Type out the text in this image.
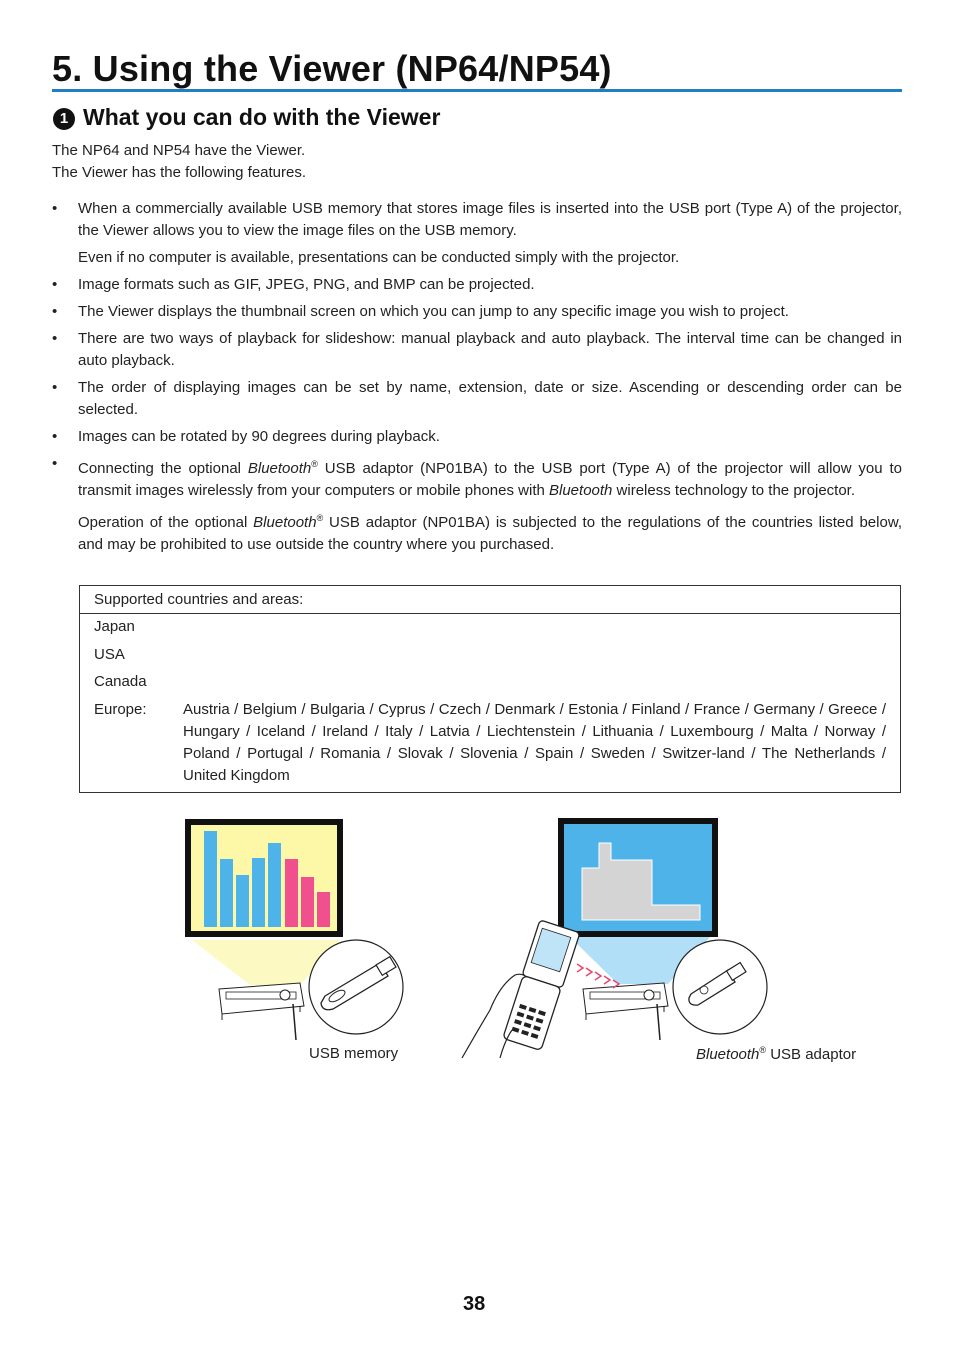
5. Using the Viewer (NP64/NP54)
1 What you can do with the Viewer

The NP64 and NP54 have the Viewer.

The Viewer has the following features.

• When a commercially available USB memory that stores image files is inserted into the USB port (Type A) of the projector, the Viewer allows you to view the image files on the USB memory.

Even if no computer is available, presentations can be conducted simply with the projector.

• Image formats such as GIF, JPEG, PNG, and BMP can be projected.

• The Viewer displays the thumbnail screen on which you can jump to any specific image you wish to project.

• There are two ways of playback for slideshow: manual playback and auto playback. The interval time can be changed in auto playback.

• The order of displaying images can be set by name, extension, date or size. Ascending or descending order can be selected.

• Images can be rotated by 90 degrees during playback.

• Connecting the optional Bluetooth® USB adaptor (NP01BA) to the USB port (Type A) of the projector will allow you to transmit images wirelessly from your computers or mobile phones with Bluetooth wireless technology to the projector.

Operation of the optional Bluetooth® USB adaptor (NP01BA) is subjected to the regulations of the countries listed below, and may be prohibited to use outside the country where you purchased.

Supported countries and areas:
Japan
USA
Canada
Europe:	Austria / Belgium / Bulgaria / Cyprus / Czech / Denmark / Estonia / Finland / France / Germany / Greece / Hungary / Iceland / Ireland / Italy / Latvia / Liechtenstein / Lithuania / Luxembourg / Malta / Norway / Poland / Portugal / Romania / Slovak / Slovenia / Spain / Sweden / Switzer-land / The Netherlands / United Kingdom
USB memory	Bluetooth® USB adaptor
38
